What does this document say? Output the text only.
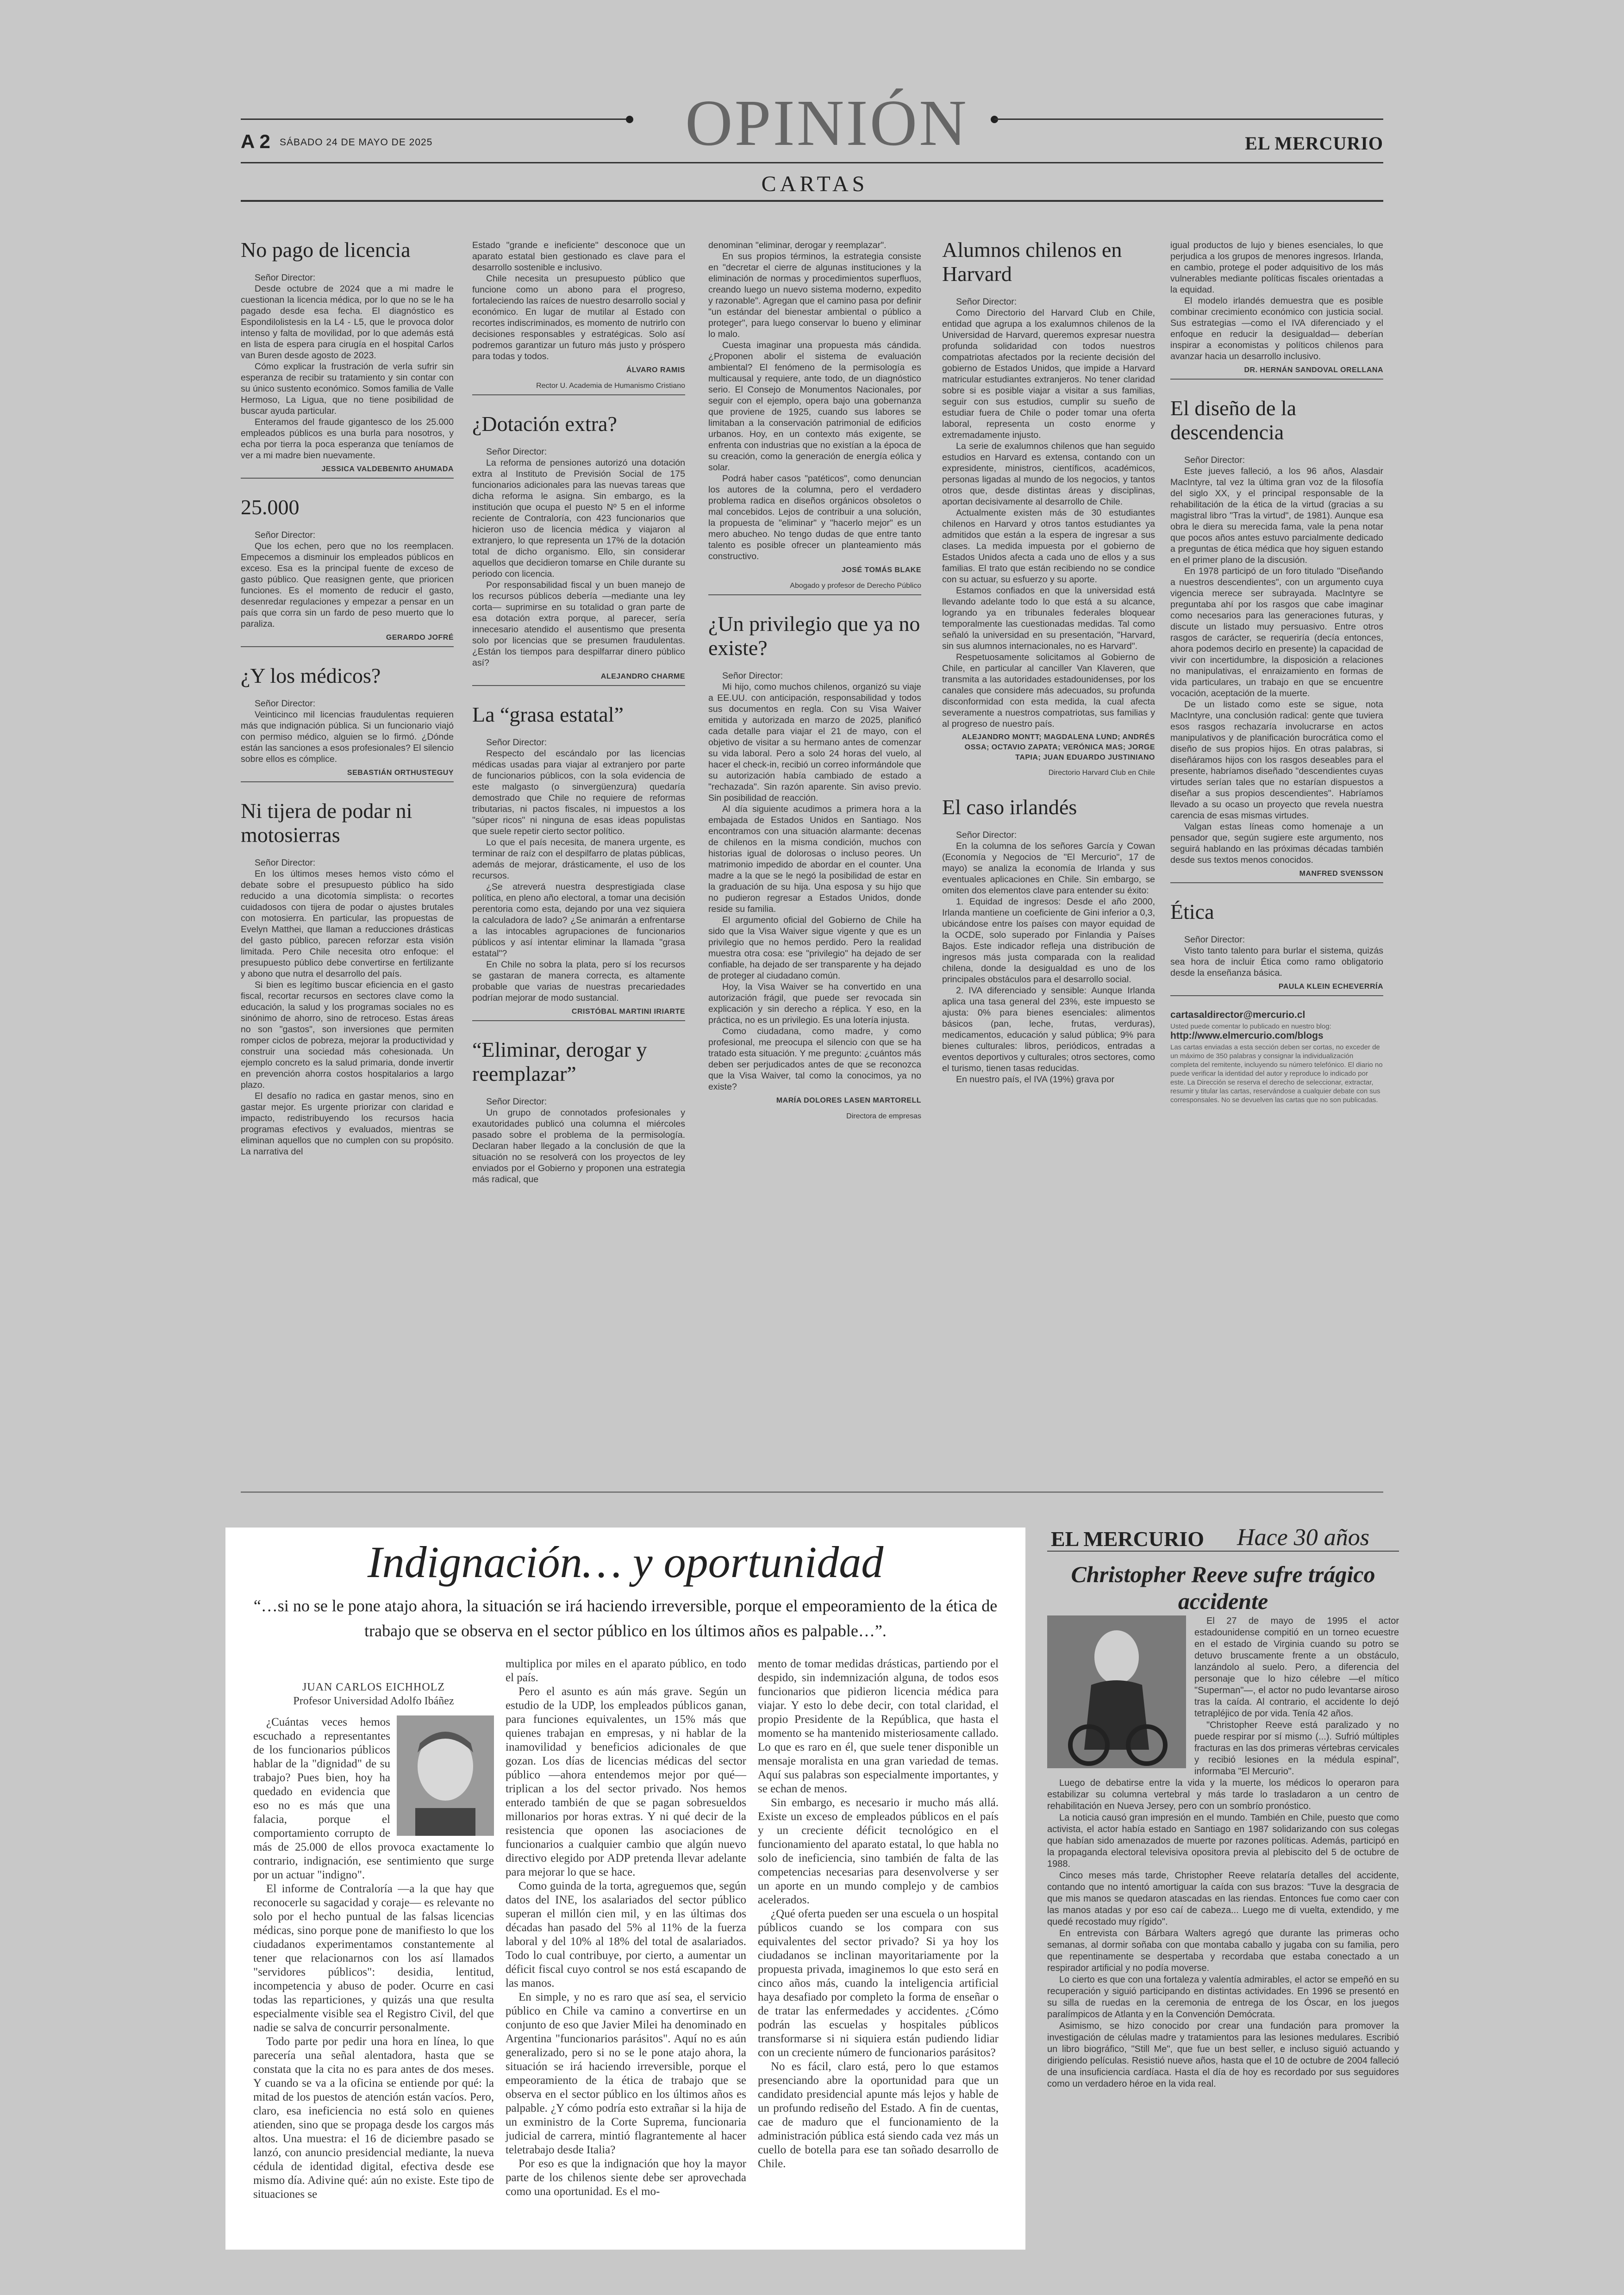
OPINIÓN
A 2 SÁBADO 24 DE MAYO DE 2025	EL MERCURIO
CARTAS
No pago de licencia
Señor Director:

Desde octubre de 2024 que a mi madre le cuestionan la licencia médica, por lo que no se le ha pagado desde esa fecha. El diagnóstico es Espondilolistesis en la L4 - L5, que le provoca dolor intenso y falta de movilidad, por lo que además está en lista de espera para cirugía en el hospital Carlos van Buren desde agosto de 2023.

Cómo explicar la frustración de verla sufrir sin esperanza de recibir su tratamiento y sin contar con su único sustento económico. Somos familia de Valle Hermoso, La Ligua, que no tiene posibilidad de buscar ayuda particular.

Enteramos del fraude gigantesco de los 25.000 empleados públicos es una burla para nosotros, y echa por tierra la poca esperanza que teníamos de ver a mi madre bien nuevamente.

JESSICA VALDEBENITO AHUMADA
25.000
Señor Director:

Que los echen, pero que no los reemplacen. Empecemos a disminuir los empleados públicos en exceso. Esa es la principal fuente de exceso de gasto público. Que reasignen gente, que prioricen funciones. Es el momento de reducir el gasto, desenredar regulaciones y empezar a pensar en un país que corra sin un fardo de peso muerto que lo paraliza.

GERARDO JOFRÉ
¿Y los médicos?
Señor Director:

Veinticinco mil licencias fraudulentas requieren más que indignación pública. Si un funcionario viajó con permiso médico, alguien se lo firmó. ¿Dónde están las sanciones a esos profesionales? El silencio sobre ellos es cómplice.

SEBASTIÁN ORTHUSTEGUY
Ni tijera de podar ni motosierras
Señor Director:

En los últimos meses hemos visto cómo el debate sobre el presupuesto público ha sido reducido a una dicotomía simplista: o recortes cuidadosos con tijera de podar o ajustes brutales con motosierra. En particular, las propuestas de Evelyn Matthei, que llaman a reducciones drásticas del gasto público, parecen reforzar esta visión limitada. Pero Chile necesita otro enfoque: el presupuesto público debe convertirse en fertilizante y abono que nutra el desarrollo del país.

Si bien es legítimo buscar eficiencia en el gasto fiscal, recortar recursos en sectores clave como la educación, la salud y los programas sociales no es sinónimo de ahorro, sino de retroceso. Estas áreas no son "gastos", son inversiones que permiten romper ciclos de pobreza, mejorar la productividad y construir una sociedad más cohesionada. Un ejemplo concreto es la salud primaria, donde invertir en prevención ahorra costos hospitalarios a largo plazo.

El desafío no radica en gastar menos, sino en gastar mejor. Es urgente priorizar con claridad e impacto, redistribuyendo los recursos hacia programas efectivos y evaluados, mientras se eliminan aquellos que no cumplen con su propósito. La narrativa del

Estado "grande e ineficiente" desconoce que un aparato estatal bien gestionado es clave para el desarrollo sostenible e inclusivo.

Chile necesita un presupuesto público que funcione como un abono para el progreso, fortaleciendo las raíces de nuestro desarrollo social y económico. En lugar de mutilar al Estado con recortes indiscriminados, es momento de nutrirlo con decisiones responsables y estratégicas. Solo así podremos garantizar un futuro más justo y próspero para todas y todos.

ÁLVARO RAMIS
Rector U. Academia de Humanismo Cristiano
¿Dotación extra?
Señor Director:

La reforma de pensiones autorizó una dotación extra al Instituto de Previsión Social de 175 funcionarios adicionales para las nuevas tareas que dicha reforma le asigna. Sin embargo, es la institución que ocupa el puesto Nº 5 en el informe reciente de Contraloría, con 423 funcionarios que hicieron uso de licencia médica y viajaron al extranjero, lo que representa un 17% de la dotación total de dicho organismo. Ello, sin considerar aquellos que decidieron tomarse en Chile durante su periodo con licencia.

Por responsabilidad fiscal y un buen manejo de los recursos públicos debería —mediante una ley corta— suprimirse en su totalidad o gran parte de esa dotación extra porque, al parecer, sería innecesario atendido el ausentismo que presenta solo por licencias que se presumen fraudulentas. ¿Están los tiempos para despilfarrar dinero público así?

ALEJANDRO CHARME
La “grasa estatal”
Señor Director:

Respecto del escándalo por las licencias médicas usadas para viajar al extranjero por parte de funcionarios públicos, con la sola evidencia de este malgasto (o sinvergüenzura) quedaría demostrado que Chile no requiere de reformas tributarias, ni pactos fiscales, ni impuestos a los "súper ricos" ni ninguna de esas ideas populistas que suele repetir cierto sector político.

Lo que el país necesita, de manera urgente, es terminar de raíz con el despilfarro de platas públicas, además de mejorar, drásticamente, el uso de los recursos.

¿Se atreverá nuestra desprestigiada clase política, en pleno año electoral, a tomar una decisión perentoria como esta, dejando por una vez siquiera la calculadora de lado? ¿Se animarán a enfrentarse a las intocables agrupaciones de funcionarios públicos y así intentar eliminar la llamada "grasa estatal"?

En Chile no sobra la plata, pero sí los recursos se gastaran de manera correcta, es altamente probable que varias de nuestras precariedades podrían mejorar de modo sustancial.

CRISTÓBAL MARTINI IRIARTE
“Eliminar, derogar y reemplazar”
Señor Director:

Un grupo de connotados profesionales y exautoridades publicó una columna el miércoles pasado sobre el problema de la permisología. Declaran haber llegado a la conclusión de que la situación no se resolverá con los proyectos de ley enviados por el Gobierno y proponen una estrategia más radical, que

denominan "eliminar, derogar y reemplazar".

En sus propios términos, la estrategia consiste en "decretar el cierre de algunas instituciones y la eliminación de normas y procedimientos superfluos, creando luego un nuevo sistema moderno, expedito y razonable". Agregan que el camino pasa por definir "un estándar del bienestar ambiental o público a proteger", para luego conservar lo bueno y eliminar lo malo.

Cuesta imaginar una propuesta más cándida. ¿Proponen abolir el sistema de evaluación ambiental? El fenómeno de la permisología es multicausal y requiere, ante todo, de un diagnóstico serio. El Consejo de Monumentos Nacionales, por seguir con el ejemplo, opera bajo una gobernanza que proviene de 1925, cuando sus labores se limitaban a la conservación patrimonial de edificios urbanos. Hoy, en un contexto más exigente, se enfrenta con industrias que no existían a la época de su creación, como la generación de energía eólica y solar.

Podrá haber casos "patéticos", como denuncian los autores de la columna, pero el verdadero problema radica en diseños orgánicos obsoletos o mal concebidos. Lejos de contribuir a una solución, la propuesta de "eliminar" y "hacerlo mejor" es un mero abucheo. No tengo dudas de que entre tanto talento es posible ofrecer un planteamiento más constructivo.

JOSÉ TOMÁS BLAKE
Abogado y profesor de Derecho Público
¿Un privilegio que ya no existe?
Señor Director:

Mi hijo, como muchos chilenos, organizó su viaje a EE.UU. con anticipación, responsabilidad y todos sus documentos en regla. Con su Visa Waiver emitida y autorizada en marzo de 2025, planificó cada detalle para viajar el 21 de mayo, con el objetivo de visitar a su hermano antes de comenzar su vida laboral. Pero a solo 24 horas del vuelo, al hacer el check-in, recibió un correo informándole que su autorización había cambiado de estado a "rechazada". Sin razón aparente. Sin aviso previo. Sin posibilidad de reacción.

Al día siguiente acudimos a primera hora a la embajada de Estados Unidos en Santiago. Nos encontramos con una situación alarmante: decenas de chilenos en la misma condición, muchos con historias igual de dolorosas o incluso peores. Un matrimonio impedido de abordar en el counter. Una madre a la que se le negó la posibilidad de estar en la graduación de su hija. Una esposa y su hijo que no pudieron regresar a Estados Unidos, donde reside su familia.

El argumento oficial del Gobierno de Chile ha sido que la Visa Waiver sigue vigente y que es un privilegio que no hemos perdido. Pero la realidad muestra otra cosa: ese "privilegio" ha dejado de ser confiable, ha dejado de ser transparente y ha dejado de proteger al ciudadano común.

Hoy, la Visa Waiver se ha convertido en una autorización frágil, que puede ser revocada sin explicación y sin derecho a réplica. Y eso, en la práctica, no es un privilegio. Es una lotería injusta.

Como ciudadana, como madre, y como profesional, me preocupa el silencio con que se ha tratado esta situación. Y me pregunto: ¿cuántos más deben ser perjudicados antes de que se reconozca que la Visa Waiver, tal como la conocimos, ya no existe?

MARÍA DOLORES LASEN MARTORELL
Directora de empresas
Alumnos chilenos en Harvard
Señor Director:

Como Directorio del Harvard Club en Chile, entidad que agrupa a los exalumnos chilenos de la Universidad de Harvard, queremos expresar nuestra profunda solidaridad con todos nuestros compatriotas afectados por la reciente decisión del gobierno de Estados Unidos, que impide a Harvard matricular estudiantes extranjeros. No tener claridad sobre si es posible viajar a visitar a sus familias, seguir con sus estudios, cumplir su sueño de estudiar fuera de Chile o poder tomar una oferta laboral, representa un costo enorme y extremadamente injusto.

La serie de exalumnos chilenos que han seguido estudios en Harvard es extensa, contando con un expresidente, ministros, científicos, académicos, personas ligadas al mundo de los negocios, y tantos otros que, desde distintas áreas y disciplinas, aportan decisivamente al desarrollo de Chile.

Actualmente existen más de 30 estudiantes chilenos en Harvard y otros tantos estudiantes ya admitidos que están a la espera de ingresar a sus clases. La medida impuesta por el gobierno de Estados Unidos afecta a cada uno de ellos y a sus familias. El trato que están recibiendo no se condice con su actuar, su esfuerzo y su aporte.

Estamos confiados en que la universidad está llevando adelante todo lo que está a su alcance, logrando ya en tribunales federales bloquear temporalmente las cuestionadas medidas. Tal como señaló la universidad en su presentación, "Harvard, sin sus alumnos internacionales, no es Harvard".

Respetuosamente solicitamos al Gobierno de Chile, en particular al canciller Van Klaveren, que transmita a las autoridades estadounidenses, por los canales que considere más adecuados, su profunda disconformidad con esta medida, la cual afecta severamente a nuestros compatriotas, sus familias y al progreso de nuestro país.

ALEJANDRO MONTT; MAGDALENA LUND; ANDRÉS OSSA; OCTAVIO ZAPATA; VERÓNICA MAS; JORGE TAPIA; JUAN EDUARDO JUSTINIANO
Directorio Harvard Club en Chile
El caso irlandés
Señor Director:

En la columna de los señores García y Cowan (Economía y Negocios de "El Mercurio", 17 de mayo) se analiza la economía de Irlanda y sus eventuales aplicaciones en Chile. Sin embargo, se omiten dos elementos clave para entender su éxito:

1. Equidad de ingresos: Desde el año 2000, Irlanda mantiene un coeficiente de Gini inferior a 0,3, ubicándose entre los países con mayor equidad de la OCDE, solo superado por Finlandia y Países Bajos. Este indicador refleja una distribución de ingresos más justa comparada con la realidad chilena, donde la desigualdad es uno de los principales obstáculos para el desarrollo social.

2. IVA diferenciado y sensible: Aunque Irlanda aplica una tasa general del 23%, este impuesto se ajusta: 0% para bienes esenciales: alimentos básicos (pan, leche, frutas, verduras), medicamentos, educación y salud pública; 9% para bienes culturales: libros, periódicos, entradas a eventos deportivos y culturales; otros sectores, como el turismo, tienen tasas reducidas.

En nuestro país, el IVA (19%) grava por

igual productos de lujo y bienes esenciales, lo que perjudica a los grupos de menores ingresos. Irlanda, en cambio, protege el poder adquisitivo de los más vulnerables mediante políticas fiscales orientadas a la equidad.

El modelo irlandés demuestra que es posible combinar crecimiento económico con justicia social. Sus estrategias —como el IVA diferenciado y el enfoque en reducir la desigualdad— deberían inspirar a economistas y políticos chilenos para avanzar hacia un desarrollo inclusivo.

DR. HERNÁN SANDOVAL ORELLANA
El diseño de la descendencia
Señor Director:

Este jueves falleció, a los 96 años, Alasdair MacIntyre, tal vez la última gran voz de la filosofía del siglo XX, y el principal responsable de la rehabilitación de la ética de la virtud (gracias a su magistral libro "Tras la virtud", de 1981). Aunque esa obra le diera su merecida fama, vale la pena notar que pocos años antes estuvo parcialmente dedicado a preguntas de ética médica que hoy siguen estando en el primer plano de la discusión.

En 1978 participó de un foro titulado "Diseñando a nuestros descendientes", con un argumento cuya vigencia merece ser subrayada. MacIntyre se preguntaba ahí por los rasgos que cabe imaginar como necesarios para las generaciones futuras, y discute un listado muy persuasivo. Entre otros rasgos de carácter, se requeriría (decía entonces, ahora podemos decirlo en presente) la capacidad de vivir con incertidumbre, la disposición a relaciones no manipulativas, el enraizamiento en formas de vida particulares, un trabajo en que se encuentre vocación, aceptación de la muerte.

De un listado como este se sigue, nota MacIntyre, una conclusión radical: gente que tuviera esos rasgos rechazaría involucrarse en actos manipulativos y de planificación burocrática como el diseño de sus propios hijos. En otras palabras, si diseñáramos hijos con los rasgos deseables para el presente, habríamos diseñado "descendientes cuyas virtudes serían tales que no estarían dispuestos a diseñar a sus propios descendientes". Habríamos llevado a su ocaso un proyecto que revela nuestra carencia de esas mismas virtudes.

Valgan estas líneas como homenaje a un pensador que, según sugiere este argumento, nos seguirá hablando en las próximas décadas también desde sus textos menos conocidos.

MANFRED SVENSSON
Ética
Señor Director:

Visto tanto talento para burlar el sistema, quizás sea hora de incluir Ética como ramo obligatorio desde la enseñanza básica.

PAULA KLEIN ECHEVERRÍA
cartasaldirector@mercurio.cl
Usted puede comentar lo publicado en nuestro blog:
http://www.elmercurio.com/blogs
Las cartas enviadas a esta sección deben ser cortas, no exceder de un máximo de 350 palabras y consignar la individualización completa del remitente, incluyendo su número telefónico. El diario no puede verificar la identidad del autor y reproduce lo indicado por este. La Dirección se reserva el derecho de seleccionar, extractar, resumir y titular las cartas, reservándose a cualquier debate con sus corresponsales. No se devuelven las cartas que no son publicadas.
Indignación… y oportunidad
“…si no se le pone atajo ahora, la situación se irá haciendo irreversible, porque el empeoramiento de la ética de trabajo que se observa en el sector público en los últimos años es palpable…”.
JUAN CARLOS EICHHOLZ
Profesor Universidad Adolfo Ibáñez

¿Cuántas veces hemos escuchado a representantes de los funcionarios públicos hablar de la "dignidad" de su trabajo? Pues bien, hoy ha quedado en evidencia que eso no es más que una falacia, porque el comportamiento corrupto de más de 25.000 de ellos provoca exactamente lo contrario, indignación, ese sentimiento que surge por un actuar "indigno".

El informe de Contraloría —a la que hay que reconocerle su sagacidad y coraje— es relevante no solo por el hecho puntual de las falsas licencias médicas, sino porque pone de manifiesto lo que los ciudadanos experimentamos constantemente al tener que relacionarnos con los así llamados "servidores públicos": desidia, lentitud, incompetencia y abuso de poder. Ocurre en casi todas las reparticiones, y quizás una que resulta especialmente visible sea el Registro Civil, del que nadie se salva de concurrir personalmente.

Todo parte por pedir una hora en línea, lo que parecería una señal alentadora, hasta que se constata que la cita no es para antes de dos meses. Y cuando se va a la oficina se entiende por qué: la mitad de los puestos de atención están vacíos. Pero, claro, esa ineficiencia no está solo en quienes atienden, sino que se propaga desde los cargos más altos. Una muestra: el 16 de diciembre pasado se lanzó, con anuncio presidencial mediante, la nueva cédula de identidad digital, efectiva desde ese mismo día. Adivine qué: aún no existe. Este tipo de situaciones se

multiplica por miles en el aparato público, en todo el país.

Pero el asunto es aún más grave. Según un estudio de la UDP, los empleados públicos ganan, para funciones equivalentes, un 15% más que quienes trabajan en empresas, y ni hablar de la inamovilidad y beneficios adicionales de que gozan. Los días de licencias médicas del sector público —ahora entendemos mejor por qué— triplican a los del sector privado. Nos hemos enterado también de que se pagan sobresueldos millonarios por horas extras. Y ni qué decir de la resistencia que oponen las asociaciones de funcionarios a cualquier cambio que algún nuevo directivo elegido por ADP pretenda llevar adelante para mejorar lo que se hace.

Como guinda de la torta, agreguemos que, según datos del INE, los asalariados del sector público superan el millón cien mil, y en las últimas dos décadas han pasado del 5% al 11% de la fuerza laboral y del 10% al 18% del total de asalariados. Todo lo cual contribuye, por cierto, a aumentar un déficit fiscal cuyo control se nos está escapando de las manos.

En simple, y no es raro que así sea, el servicio público en Chile va camino a convertirse en un conjunto de eso que Javier Milei ha denominado en Argentina "funcionarios parásitos". Aquí no es aún generalizado, pero si no se le pone atajo ahora, la situación se irá haciendo irreversible, porque el empeoramiento de la ética de trabajo que se observa en el sector público en los últimos años es palpable. ¿Y cómo podría esto extrañar si la hija de un exministro de la Corte Suprema, funcionaria judicial de carrera, mintió flagrantemente al hacer teletrabajo desde Italia?

Por eso es que la indignación que hoy la mayor parte de los chilenos siente debe ser aprovechada como una oportunidad. Es el mo-

mento de tomar medidas drásticas, partiendo por el despido, sin indemnización alguna, de todos esos funcionarios que pidieron licencia médica para viajar. Y esto lo debe decir, con total claridad, el propio Presidente de la República, que hasta el momento se ha mantenido misteriosamente callado. Lo que es raro en él, que suele tener disponible un mensaje moralista en una gran variedad de temas. Aquí sus palabras son especialmente importantes, y se echan de menos.

Sin embargo, es necesario ir mucho más allá. Existe un exceso de empleados públicos en el país y un creciente déficit tecnológico en el funcionamiento del aparato estatal, lo que habla no solo de ineficiencia, sino también de falta de las competencias necesarias para desenvolverse y ser un aporte en un mundo complejo y de cambios acelerados.

¿Qué oferta pueden ser una escuela o un hospital públicos cuando se los compara con sus equivalentes del sector privado? Si ya hoy los ciudadanos se inclinan mayoritariamente por la propuesta privada, imaginemos lo que esto será en cinco años más, cuando la inteligencia artificial haya desafiado por completo la forma de enseñar o de tratar las enfermedades y accidentes. ¿Cómo podrán las escuelas y hospitales públicos transformarse si ni siquiera están pudiendo lidiar con un creciente número de funcionarios parásitos?

No es fácil, claro está, pero lo que estamos presenciando abre la oportunidad para que un candidato presidencial apunte más lejos y hable de un profundo rediseño del Estado. A fin de cuentas, cae de maduro que el funcionamiento de la administración pública está siendo cada vez más un cuello de botella para ese tan soñado desarrollo de Chile.

EL MERCURIO Hace 30 años
Christopher Reeve sufre trágico accidente

El 27 de mayo de 1995 el actor estadounidense compitió en un torneo ecuestre en el estado de Virginia cuando su potro se detuvo bruscamente frente a un obstáculo, lanzándolo al suelo. Pero, a diferencia del personaje que lo hizo célebre —el mítico "Superman"—, el actor no pudo levantarse airoso tras la caída. Al contrario, el accidente lo dejó tetrapléjico de por vida. Tenía 42 años.

"Christopher Reeve está paralizado y no puede respirar por sí mismo (...). Sufrió múltiples fracturas en las dos primeras vértebras cervicales y recibió lesiones en la médula espinal", informaba "El Mercurio".

Luego de debatirse entre la vida y la muerte, los médicos lo operaron para estabilizar su columna vertebral y más tarde lo trasladaron a un centro de rehabilitación en Nueva Jersey, pero con un sombrío pronóstico.

La noticia causó gran impresión en el mundo. También en Chile, puesto que como activista, el actor había estado en Santiago en 1987 solidarizando con sus colegas que habían sido amenazados de muerte por razones políticas. Además, participó en la propaganda electoral televisiva opositora previa al plebiscito del 5 de octubre de 1988.

Cinco meses más tarde, Christopher Reeve relataría detalles del accidente, contando que no intentó amortiguar la caída con sus brazos: "Tuve la desgracia de que mis manos se quedaron atascadas en las riendas. Entonces fue como caer con las manos atadas y por eso caí de cabeza... Luego me di vuelta, extendido, y me quedé recostado muy rígido".

En entrevista con Bárbara Walters agregó que durante las primeras ocho semanas, al dormir soñaba con que montaba caballo y jugaba con su familia, pero que repentinamente se despertaba y recordaba que estaba conectado a un respirador artificial y no podía moverse.

Lo cierto es que con una fortaleza y valentía admirables, el actor se empeñó en su recuperación y siguió participando en distintas actividades. En 1996 se presentó en su silla de ruedas en la ceremonia de entrega de los Óscar, en los juegos paralímpicos de Atlanta y en la Convención Demócrata.

Asimismo, se hizo conocido por crear una fundación para promover la investigación de células madre y tratamientos para las lesiones medulares. Escribió un libro biográfico, "Still Me", que fue un best seller, e incluso siguió actuando y dirigiendo películas. Resistió nueve años, hasta que el 10 de octubre de 2004 falleció de una insuficiencia cardíaca. Hasta el día de hoy es recordado por sus seguidores como un verdadero héroe en la vida real.
